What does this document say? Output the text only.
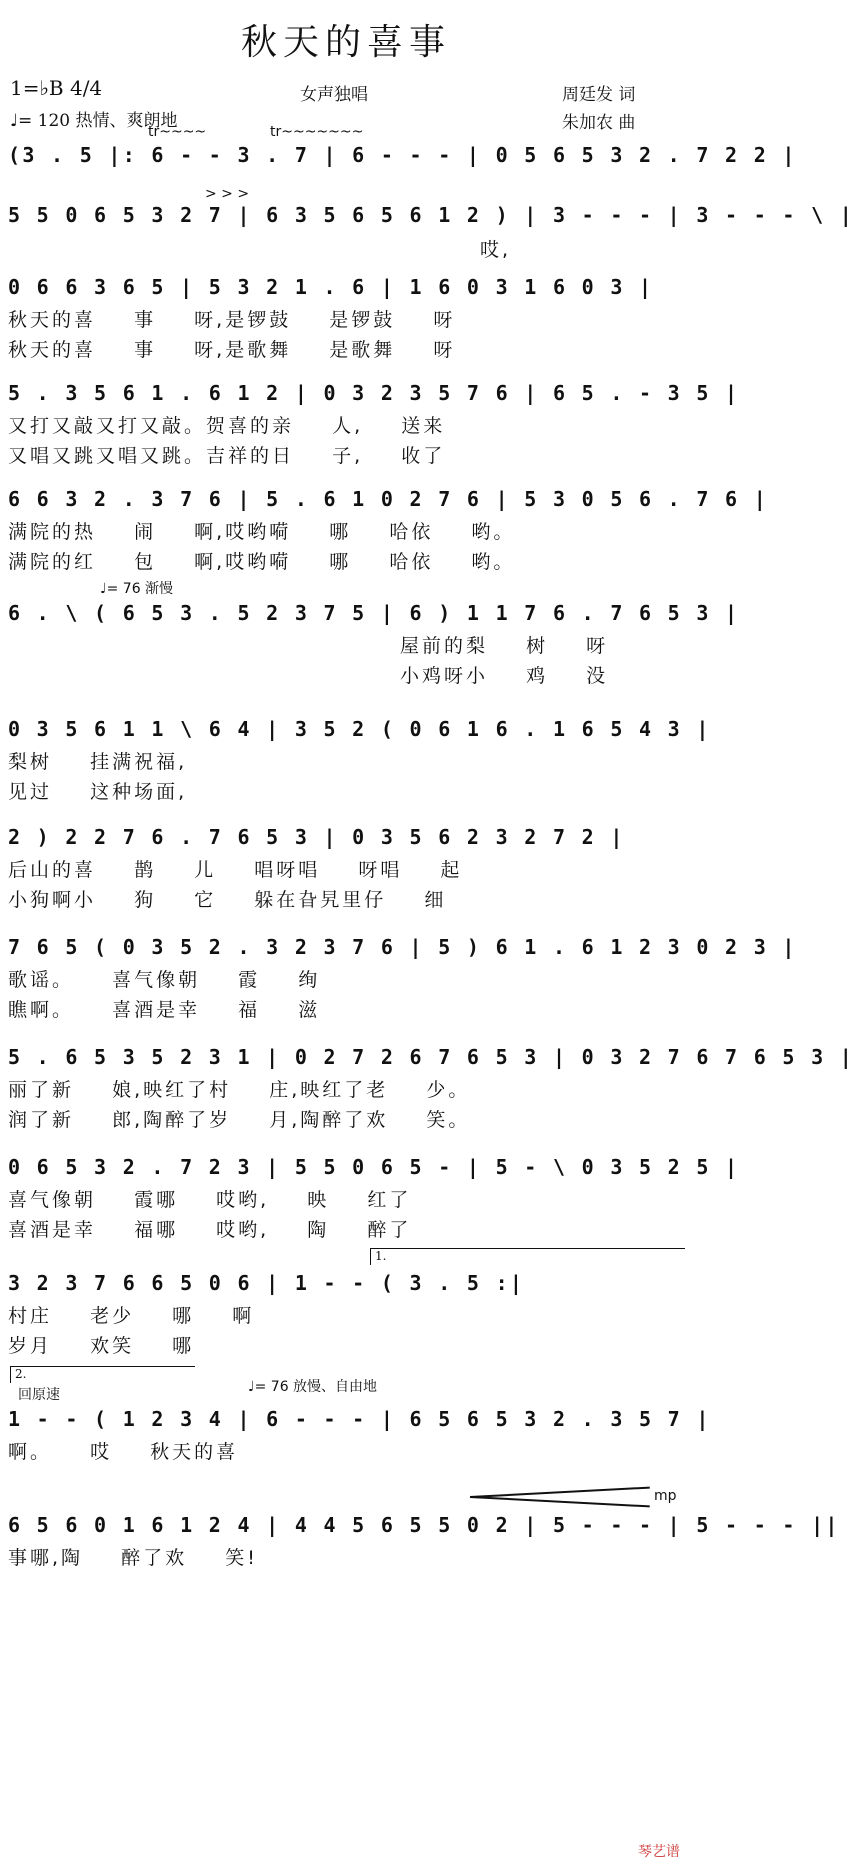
秋天的喜事
1=♭B 4/4
♩= 120 热情、爽朗地
女声独唱	周廷发 词
朱加农 曲
tr~~~~	tr~~~~~~~
(3 . 5 |: 6 - - 3 . 7 | 6 - - - | 0 5 6 5 3 2 . 7 2 2 |
> > >
5 5 0 6 5 3 2 7 | 6 3 5 6 5 6 1 2 ) | 3 - - - | 3 - - - \ |
哎,
0 6 6 3 6 5 | 5 3 2 1 . 6 | 1 6 0 3 1 6 0 3 |
秋天的喜  事  呀,是锣鼓  是锣鼓  呀
秋天的喜  事  呀,是歌舞  是歌舞  呀
5 . 3 5 6 1 . 6 1 2 | 0 3 2 3 5 7 6 | 6 5 . - 3 5 |
又打又敲又打又敲。贺喜的亲  人,  送来
又唱又跳又唱又跳。吉祥的日  子,  收了
6 6 3 2 . 3 7 6 | 5 . 6 1 0 2 7 6 | 5 3 0 5 6 . 7 6 |
满院的热  闹  啊,哎哟嗬  哪  哈依  哟。
满院的红  包  啊,哎哟嗬  哪  哈依  哟。
♩= 76 渐慢
6 . \ ( 6 5 3 . 5 2 3 7 5 | 6 ) 1 1 7 6 . 7 6 5 3 |
屋前的梨  树  呀
小鸡呀小  鸡  没
0 3 5 6 1 1 \ 6 4 | 3 5 2 ( 0 6 1 6 . 1 6 5 4 3 |
梨树  挂满祝福,
见过  这种场面,
2 ) 2 2 7 6 . 7 6 5 3 | 0 3 5 6 2 3 2 7 2 |
后山的喜  鹊  儿  唱呀唱  呀唱  起
小狗啊小  狗  它  躲在旮旯里仔  细
7 6 5 ( 0 3 5 2 . 3 2 3 7 6 | 5 ) 6 1 . 6 1 2 3 0 2 3 |
歌谣。  喜气像朝  霞  绚
瞧啊。  喜酒是幸  福  滋
5 . 6 5 3 5 2 3 1 | 0 2 7 2 6 7 6 5 3 | 0 3 2 7 6 7 6 5 3 |
丽了新  娘,映红了村  庄,映红了老  少。
润了新  郎,陶醉了岁  月,陶醉了欢  笑。
0 6 5 3 2 . 7 2 3 | 5 5 0 6 5 - | 5 - \ 0 3 5 2 5 |
喜气像朝  霞哪  哎哟,  映  红了
喜酒是幸  福哪  哎哟,  陶  醉了
1.
3 2 3 7 6 6 5 0 6 | 1 - - ( 3 . 5 :|
村庄  老少  哪  啊
岁月  欢笑  哪
2.
回原速	♩= 76 放慢、自由地
1 - - ( 1 2 3 4 | 6 - - - | 6 5 6 5 3 2 . 3 5 7 |
啊。  哎  秋天的喜
mp
6 5 6 0 1 6 1 2 4 | 4 4 5 6 5 5 0 2 | 5 - - - | 5 - - - ||
事哪,陶  醉了欢  笑!
琴艺谱
